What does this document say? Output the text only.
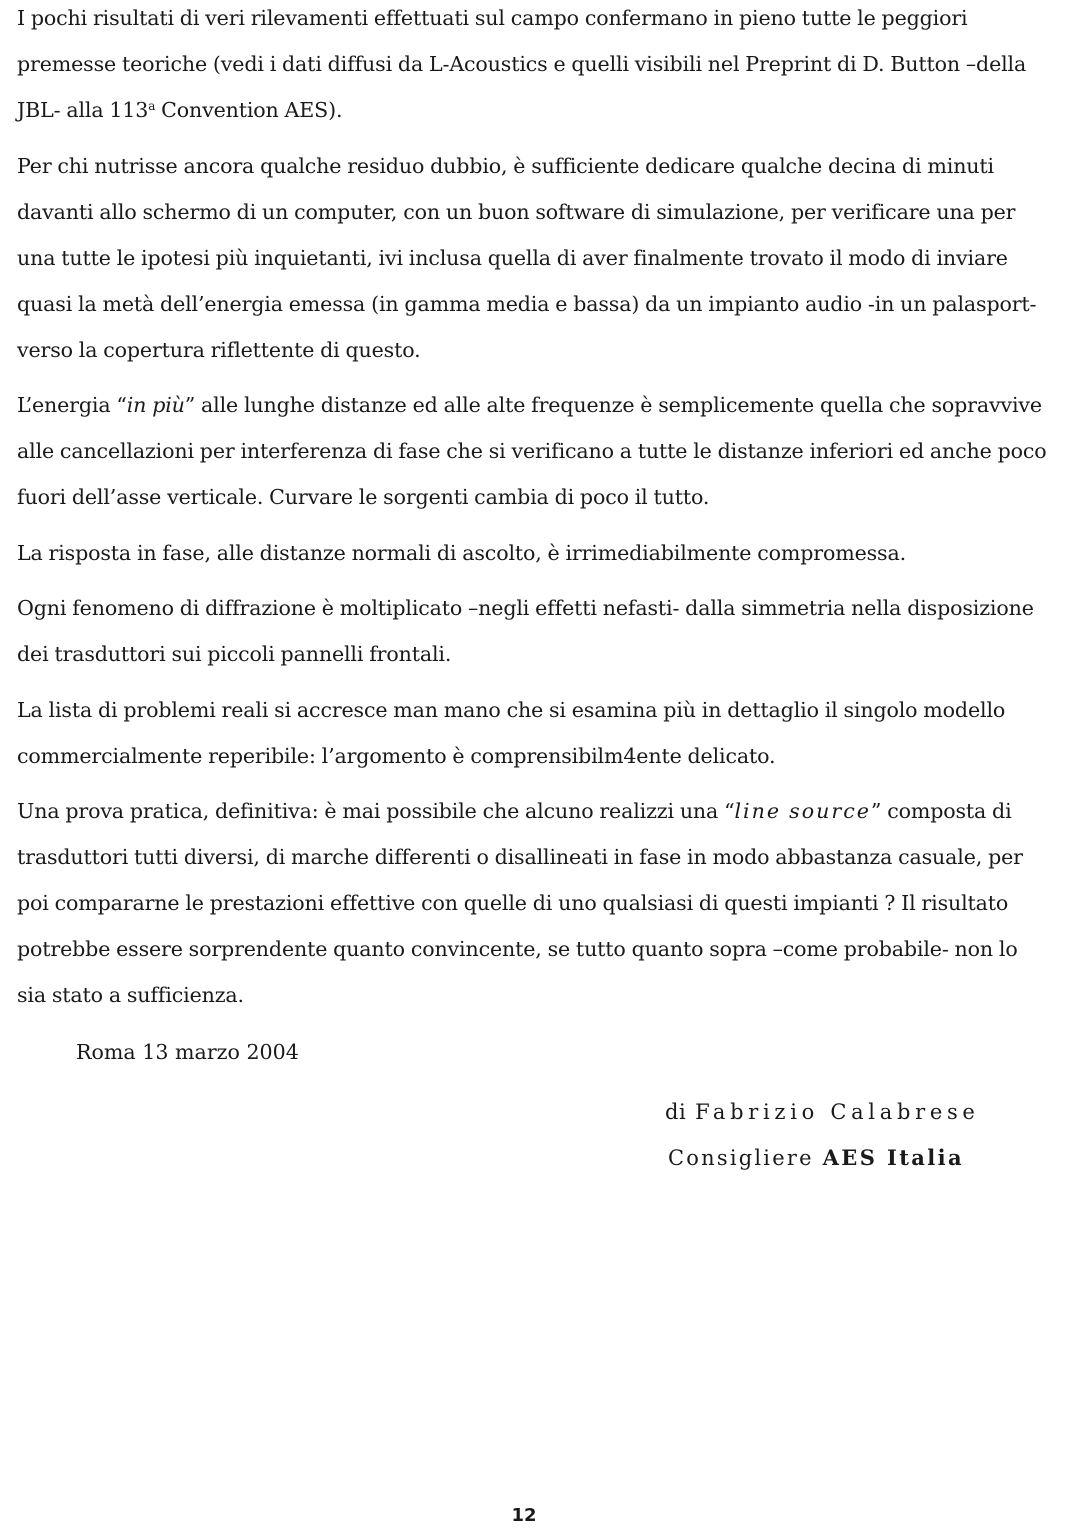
I pochi risultati di veri rilevamenti effettuati sul campo confermano in pieno tutte le peggiori premesse teoriche (vedi i dati diffusi da L-Acoustics e quelli visibili nel Preprint di D. Button –della JBL- alla 113$^a$ Convention AES).

Per chi nutrisse ancora qualche residuo dubbio, è sufficiente dedicare qualche decina di minuti davanti allo schermo di un computer, con un buon software di simulazione, per verificare una per una tutte le ipotesi più inquietanti, ivi inclusa quella di aver finalmente trovato il modo di inviare quasi la metà dell’energia emessa (in gamma media e bassa) da un impianto audio -in un palasport- verso la copertura riflettente di questo.

L’energia “in più” alle lunghe distanze ed alle alte frequenze è semplicemente quella che sopravvive alle cancellazioni per interferenza di fase che si verificano a tutte le distanze inferiori ed anche poco fuori dell’asse verticale. Curvare le sorgenti cambia di poco il tutto.

La risposta in fase, alle distanze normali di ascolto, è irrimediabilmente compromessa.

Ogni fenomeno di diffrazione è moltiplicato –negli effetti nefasti- dalla simmetria nella disposizione dei trasduttori sui piccoli pannelli frontali.

La lista di problemi reali si accresce man mano che si esamina più in dettaglio il singolo modello commercialmente reperibile: l’argomento è comprensibilm4ente delicato.

Una prova pratica, definitiva: è mai possibile che alcuno realizzi una “line source” composta di trasduttori tutti diversi, di marche differenti o disallineati in fase in modo abbastanza casuale, per poi compararne le prestazioni effettive con quelle di uno qualsiasi di questi impianti ? Il risultato potrebbe essere sorprendente quanto convincente, se tutto quanto sopra –come probabile- non lo sia stato a sufficienza.

Roma 13 marzo 2004
di Fabrizio Calabrese
Consigliere AES Italia
12
